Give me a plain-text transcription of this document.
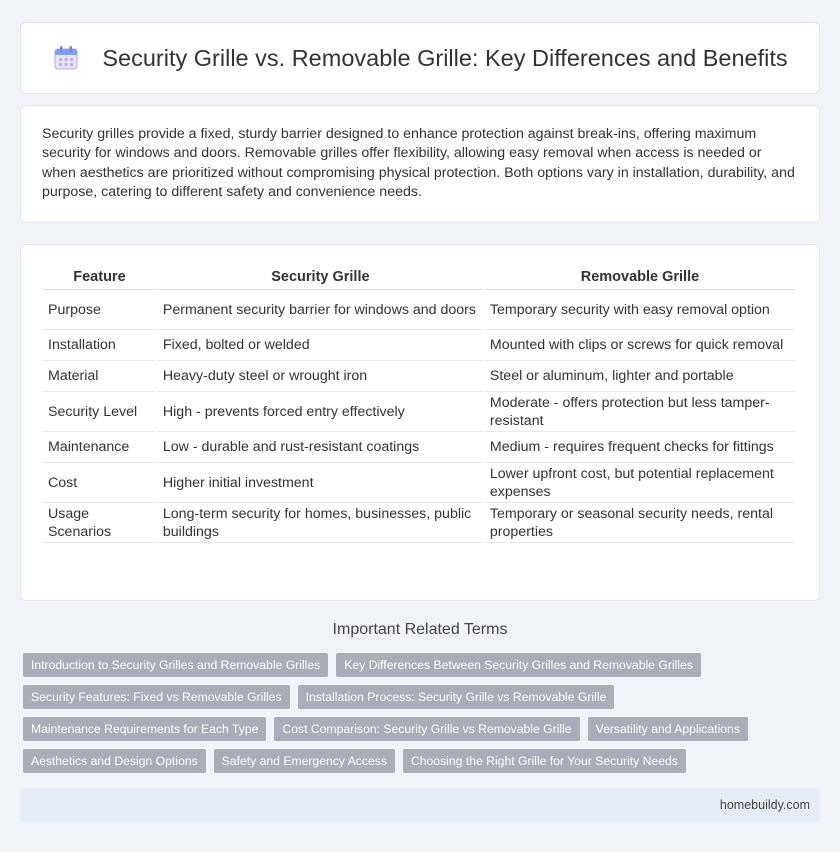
Security Grille vs. Removable Grille: Key Differences and Benefits

Security grilles provide a fixed, sturdy barrier designed to enhance protection against break-ins, offering maximum security for windows and doors. Removable grilles offer flexibility, allowing easy removal when access is needed or when aesthetics are prioritized without compromising physical protection. Both options vary in installation, durability, and purpose, catering to different safety and convenience needs.

Feature	Security Grille	Removable Grille
Purpose	Permanent security barrier for windows and doors	Temporary security with easy removal option
Installation	Fixed, bolted or welded	Mounted with clips or screws for quick removal
Material	Heavy-duty steel or wrought iron	Steel or aluminum, lighter and portable
Security Level	High - prevents forced entry effectively	Moderate - offers protection but less tamper-resistant
Maintenance	Low - durable and rust-resistant coatings	Medium - requires frequent checks for fittings
Cost	Higher initial investment	Lower upfront cost, but potential replacement expenses
Usage Scenarios	Long-term security for homes, businesses, public buildings	Temporary or seasonal security needs, rental properties
Important Related Terms
Introduction to Security Grilles and Removable Grilles	Key Differences Between Security Grilles and Removable Grilles
Security Features: Fixed vs Removable Grilles	Installation Process: Security Grille vs Removable Grille
Maintenance Requirements for Each Type	Cost Comparison: Security Grille vs Removable Grille	Versatility and Applications
Aesthetics and Design Options	Safety and Emergency Access	Choosing the Right Grille for Your Security Needs
homebuildy.com
